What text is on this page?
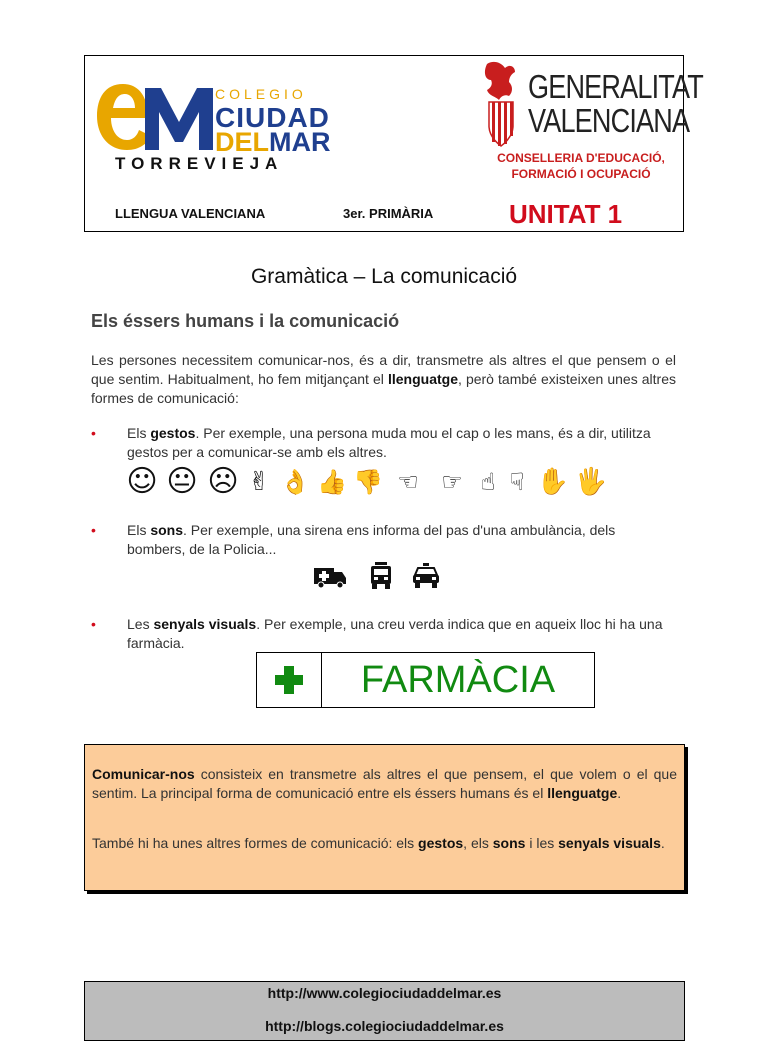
COLEGIO
CIUDAD
DELMAR
TORREVIEJA
GENERALITAT
VALENCIANA
CONSELLERIA D'EDUCACIÓ,
FORMACIÓ I OCUPACIÓ
LLENGUA VALENCIANA	3er. PRIMÀRIA	UNITAT 1
Gramàtica – La comunicació
Els éssers humans i la comunicació
Les persones necessitem comunicar-nos, és a dir, transmetre als altres el que pensem o el que sentim. Habitualment, ho fem mitjançant el llenguatge, però també existeixen unes altres formes de comunicació:
• Els gestos. Per exemple, una persona muda mou el cap o les mans, és a dir, utilitza gestos per a comunicar-se amb els altres.
☺ 😐 ☹ ✌ 👌 👍 👎 ☜ ☞ ☝ ☟ ✋ 🖐
• Els sons. Per exemple, una sirena ens informa del pas d'una ambulància, dels bombers, de la Policia...
• Les senyals visuals. Per exemple, una creu verda indica que en aqueix lloc hi ha una farmàcia.
FARMÀCIA
Comunicar-nos consisteix en transmetre als altres el que pensem, el que volem o el que sentim. La principal forma de comunicació entre els éssers humans és el llenguatge.
També hi ha unes altres formes de comunicació: els gestos, els sons i les senyals visuals.
http://www.colegiociudaddelmar.es
http://blogs.colegiociudaddelmar.es
